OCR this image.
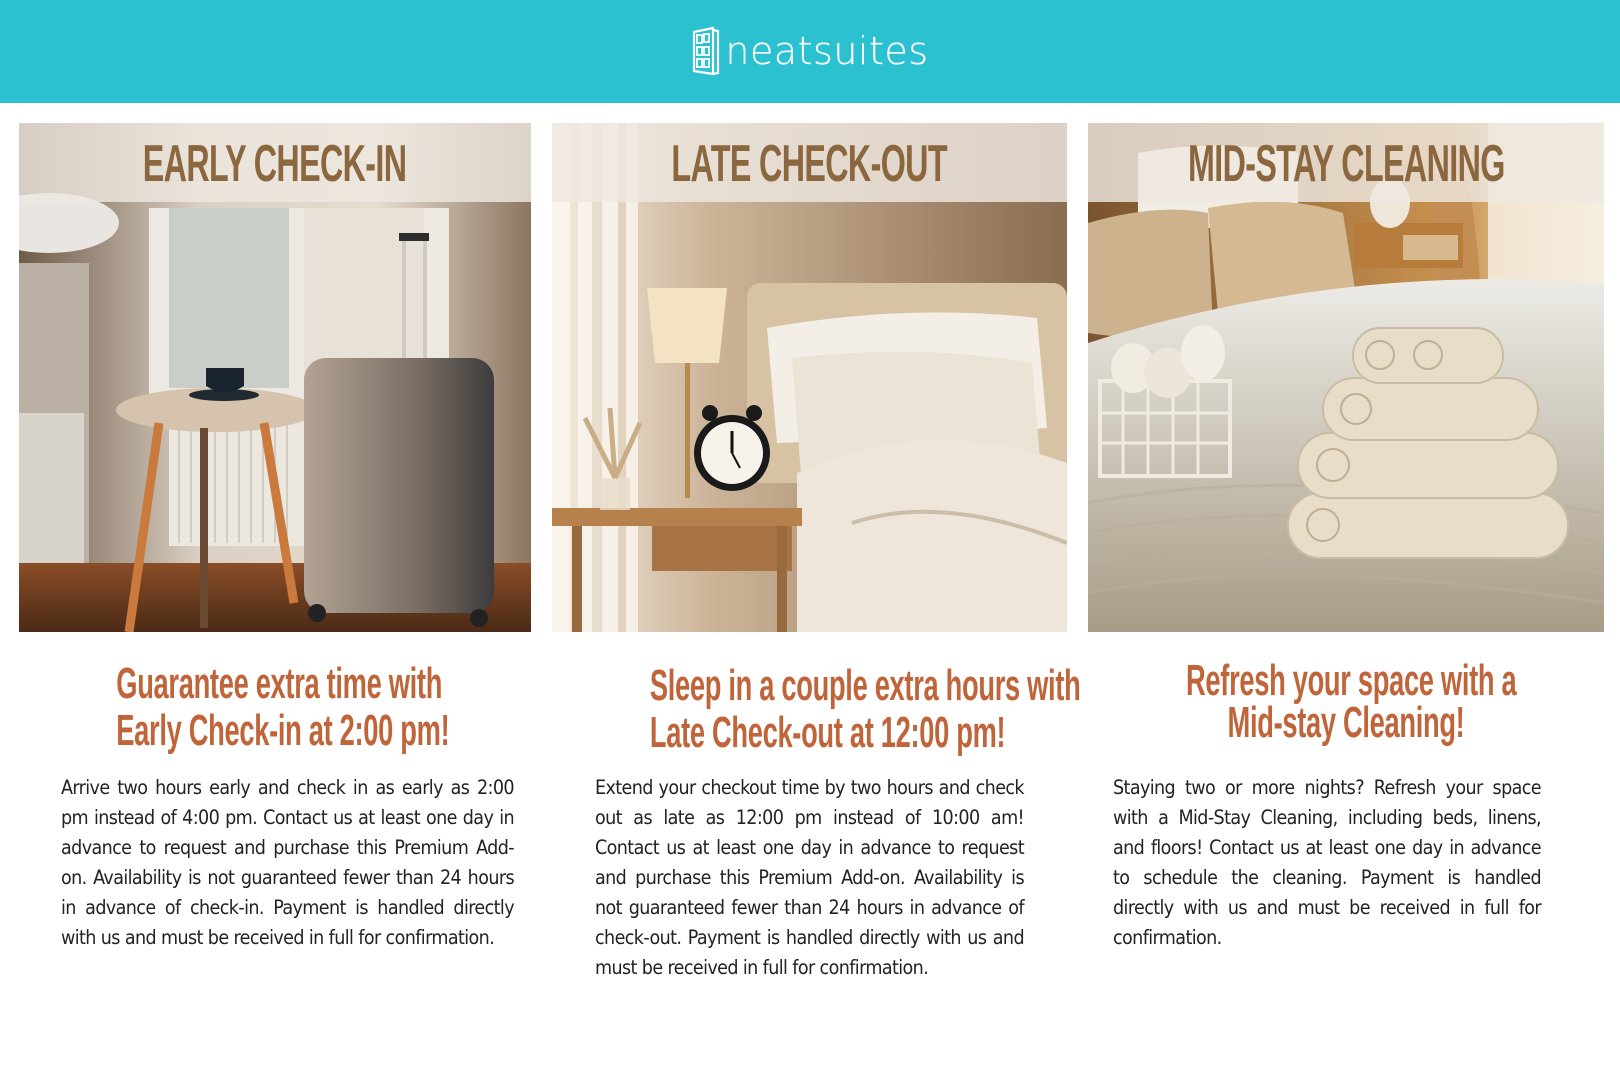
neatsuites
EARLY CHECK-IN
Guarantee extra time with
Early Check-in at 2:00 pm!

Arrive two hours early and check in as early as 2:00 pm instead of 4:00 pm. Contact us at least one day in advance to request and purchase this Premium Add-on. Availability is not guaranteed fewer than 24 hours in advance of check-in. Payment is handled directly with us and must be received in full for confirmation.

LATE CHECK-OUT
Sleep in a couple extra hours with
Late Check-out at 12:00 pm!

Extend your checkout time by two hours and check out as late as 12:00 pm instead of 10:00 am! Contact us at least one day in advance to request and purchase this Premium Add-on. Availability is not guaranteed fewer than 24 hours in advance of check-out. Payment is handled directly with us and must be received in full for confirmation.

MID-STAY CLEANING
Refresh your space with a
Mid-stay Cleaning!

Staying two or more nights? Refresh your space with a Mid-Stay Cleaning, including beds, linens, and floors! Contact us at least one day in advance to schedule the cleaning. Payment is handled directly with us and must be received in full for confirmation.
